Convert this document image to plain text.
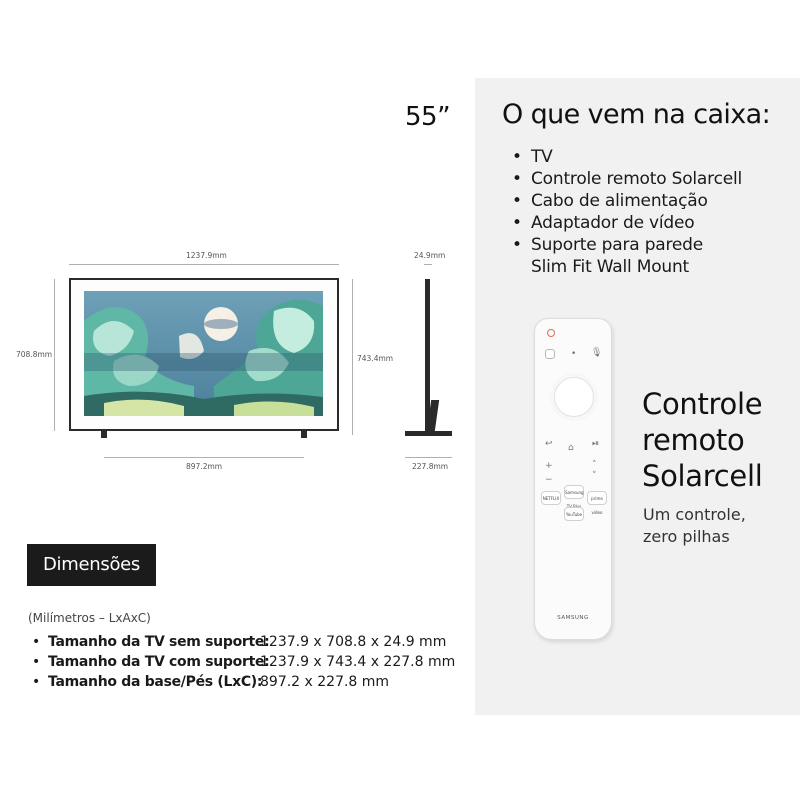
55” O que vem na caixa:
• TV
• Controle remoto Solarcell
• Cabo de alimentação
• Adaptador de vídeo
• Suporte para parede
Slim Fit Wall Mount
Controle
remoto
Solarcell
Um controle,
zero pilhas
• 🎙
↩ ⌂ ⏯
+	˄
−	˅
NETFLIX
Samsung
prime video
YouTube
SAMSUNG
1237.9mm
708.8mm	743.4mm
897.2mm
24.9mm
227.8mm
Dimensões
(Milímetros – LxAxC)
• Tamanho da TV sem suporte:
1237.9 x 708.8 x 24.9 mm
• Tamanho da TV com suporte:
1237.9 x 743.4 x 227.8 mm
• Tamanho da base/Pés (LxC):
897.2 x 227.8 mm
